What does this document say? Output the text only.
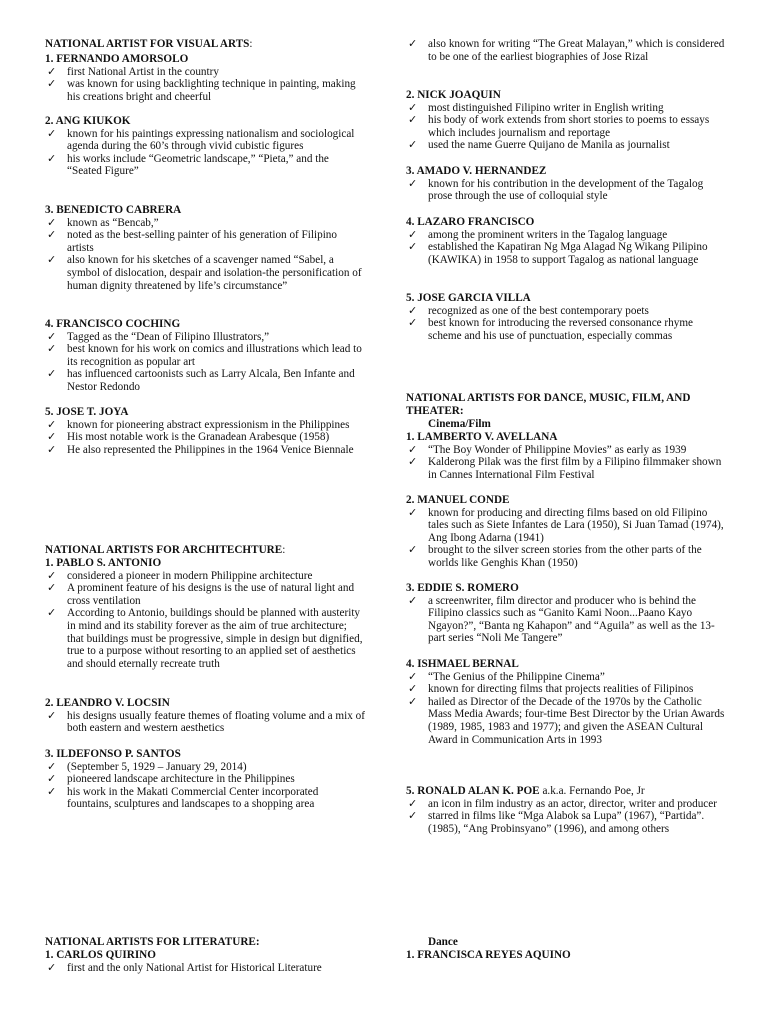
NATIONAL ARTIST FOR VISUAL ARTS:
1. FERNANDO AMORSOLO
✓
first National Artist in the country
✓
was known for using backlighting technique in painting, making his creations bright and cheerful
2. ANG KIUKOK
✓
known for his paintings expressing nationalism and sociological agenda during the 60’s through vivid cubistic figures
✓
his works include “Geometric landscape,” “Pieta,” and the “Seated Figure”
3. BENEDICTO CABRERA
✓
known as “Bencab,”
✓
noted as the best-selling painter of his generation of Filipino artists
✓
also known for his sketches of a scavenger named “Sabel, a symbol of dislocation, despair and isolation-the personification of human dignity threatened by life’s circumstance”
4. FRANCISCO COCHING
✓
Tagged as the “Dean of Filipino Illustrators,”
✓
best known for his work on comics and illustrations which lead to its recognition as popular art
✓
has influenced cartoonists such as Larry Alcala, Ben Infante and Nestor Redondo
5. JOSE T. JOYA
✓
known for pioneering abstract expressionism in the Philippines
✓
His most notable work is the Granadean Arabesque (1958)
✓
He also represented the Philippines in the 1964 Venice Biennale
NATIONAL ARTISTS FOR ARCHITECHTURE:
1. PABLO S. ANTONIO
✓
considered a pioneer in modern Philippine architecture
✓
A prominent feature of his designs is the use of natural light and cross ventilation
✓
According to Antonio, buildings should be planned with austerity in mind and its stability forever as the aim of true architecture; that buildings must be progressive, simple in design but dignified, true to a purpose without resorting to an applied set of aesthetics and should eternally recreate truth
2. LEANDRO V. LOCSIN
✓
his designs usually feature themes of floating volume and a mix of both eastern and western aesthetics
3. ILDEFONSO P. SANTOS
✓
(September 5, 1929 – January 29, 2014)
✓
pioneered landscape architecture in the Philippines
✓
his work in the Makati Commercial Center incorporated fountains, sculptures and landscapes to a shopping area
NATIONAL ARTISTS FOR LITERATURE:
1. CARLOS QUIRINO
✓
first and the only National Artist for Historical Literature
✓
also known for writing “The Great Malayan,” which is considered to be one of the earliest biographies of Jose Rizal
2. NICK JOAQUIN
✓
most distinguished Filipino writer in English writing
✓
his body of work extends from short stories to poems to essays which includes journalism and reportage
✓
used the name Guerre Quijano de Manila as journalist
3. AMADO V. HERNANDEZ
✓
known for his contribution in the development of the Tagalog prose through the use of colloquial style
4. LAZARO FRANCISCO
✓
among the prominent writers in the Tagalog language
✓
established the Kapatiran Ng Mga Alagad Ng Wikang Pilipino (KAWIKA) in 1958 to support Tagalog as national language
5. JOSE GARCIA VILLA
✓
recognized as one of the best contemporary poets
✓
best known for introducing the reversed consonance rhyme scheme and his use of punctuation, especially commas
NATIONAL ARTISTS FOR DANCE, MUSIC, FILM, AND THEATER:
Cinema/Film
1. LAMBERTO V. AVELLANA
✓
“The Boy Wonder of Philippine Movies” as early as 1939
✓
Kalderong Pilak was the first film by a Filipino filmmaker shown in Cannes International Film Festival
2. MANUEL CONDE
✓
known for producing and directing films based on old Filipino tales such as Siete Infantes de Lara (1950), Si Juan Tamad (1974), Ang Ibong Adarna (1941)
✓
brought to the silver screen stories from the other parts of the worlds like Genghis Khan (1950)
3. EDDIE S. ROMERO
✓
a screenwriter, film director and producer who is behind the Filipino classics such as “Ganito Kami Noon...Paano Kayo Ngayon?”, “Banta ng Kahapon” and “Aguila” as well as the 13-part series “Noli Me Tangere”
4. ISHMAEL BERNAL
✓
“The Genius of the Philippine Cinema”
✓
known for directing films that projects realities of Filipinos
✓
hailed as Director of the Decade of the 1970s by the Catholic Mass Media Awards; four-time Best Director by the Urian Awards (1989, 1985, 1983 and 1977); and given the ASEAN Cultural Award in Communication Arts in 1993
5. RONALD ALAN K. POE a.k.a. Fernando Poe, Jr
✓
an icon in film industry as an actor, director, writer and producer
✓
starred in films like “Mga Alabok sa Lupa” (1967), “Partida”. (1985), “Ang Probinsyano” (1996), and among others
Dance
1. FRANCISCA REYES AQUINO
